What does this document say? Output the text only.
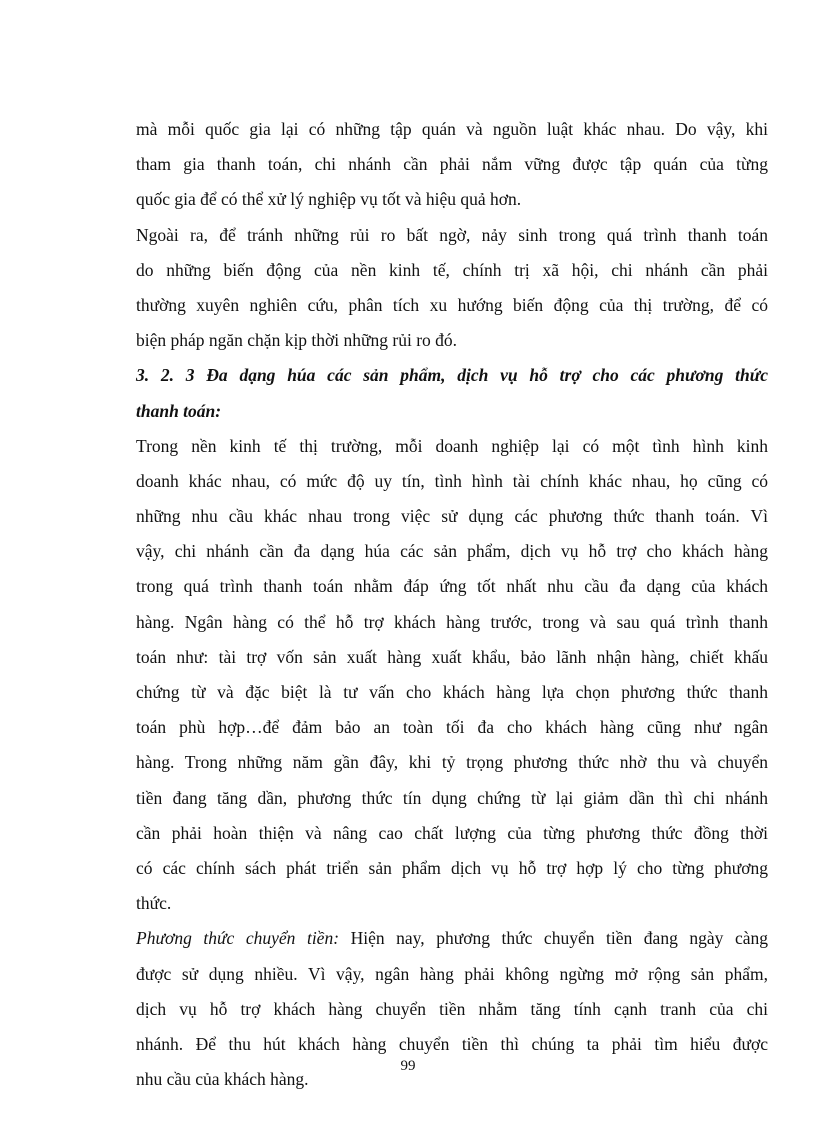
mà mỗi quốc gia lại có những tập quán và nguồn luật khác nhau. Do vậy, khi
tham gia thanh toán, chi nhánh cần phải nắm vững được tập quán của từng
quốc gia để có thể xử lý nghiệp vụ tốt và hiệu quả hơn.
Ngoài ra, để tránh những rủi ro bất ngờ, nảy sinh trong quá trình thanh toán
do những biến động của nền kinh tế, chính trị xã hội, chi nhánh cần phải
thường xuyên nghiên cứu, phân tích xu hướng biến động của thị trường, để có
biện pháp ngăn chặn kịp thời những rủi ro đó.
3. 2. 3 Đa dạng húa các sản phẩm, dịch vụ hỗ trợ cho các phương thức
thanh toán:
Trong nền kinh tế thị trường, mỗi doanh nghiệp lại có một tình hình kinh
doanh khác nhau, có mức độ uy tín, tình hình tài chính khác nhau, họ cũng có
những nhu cầu khác nhau trong việc sử dụng các phương thức thanh toán. Vì
vậy, chi nhánh cần đa dạng húa các sản phẩm, dịch vụ hỗ trợ cho khách hàng
trong quá trình thanh toán nhằm đáp ứng tốt nhất nhu cầu đa dạng của khách
hàng. Ngân hàng có thể hỗ trợ khách hàng trước, trong và sau quá trình thanh
toán như: tài trợ vốn sản xuất hàng xuất khẩu, bảo lãnh nhận hàng, chiết khấu
chứng từ và đặc biệt là tư vấn cho khách hàng lựa chọn phương thức thanh
toán phù hợp…để đảm bảo an toàn tối đa cho khách hàng cũng như ngân
hàng. Trong những năm gần đây, khi tỷ trọng phương thức nhờ thu và chuyển
tiền đang tăng dần, phương thức tín dụng chứng từ lại giảm dần thì chi nhánh
cần phải hoàn thiện và nâng cao chất lượng của từng phương thức đồng thời
có các chính sách phát triển sản phẩm dịch vụ hỗ trợ hợp lý cho từng phương
thức.
Phương thức chuyển tiền: Hiện nay, phương thức chuyển tiền đang ngày càng
được sử dụng nhiều. Vì vậy, ngân hàng phải không ngừng mở rộng sản phẩm,
dịch vụ hỗ trợ khách hàng chuyển tiền nhằm tăng tính cạnh tranh của chi
nhánh. Để thu hút khách hàng chuyển tiền thì chúng ta phải tìm hiểu được
nhu cầu của khách hàng.
99
